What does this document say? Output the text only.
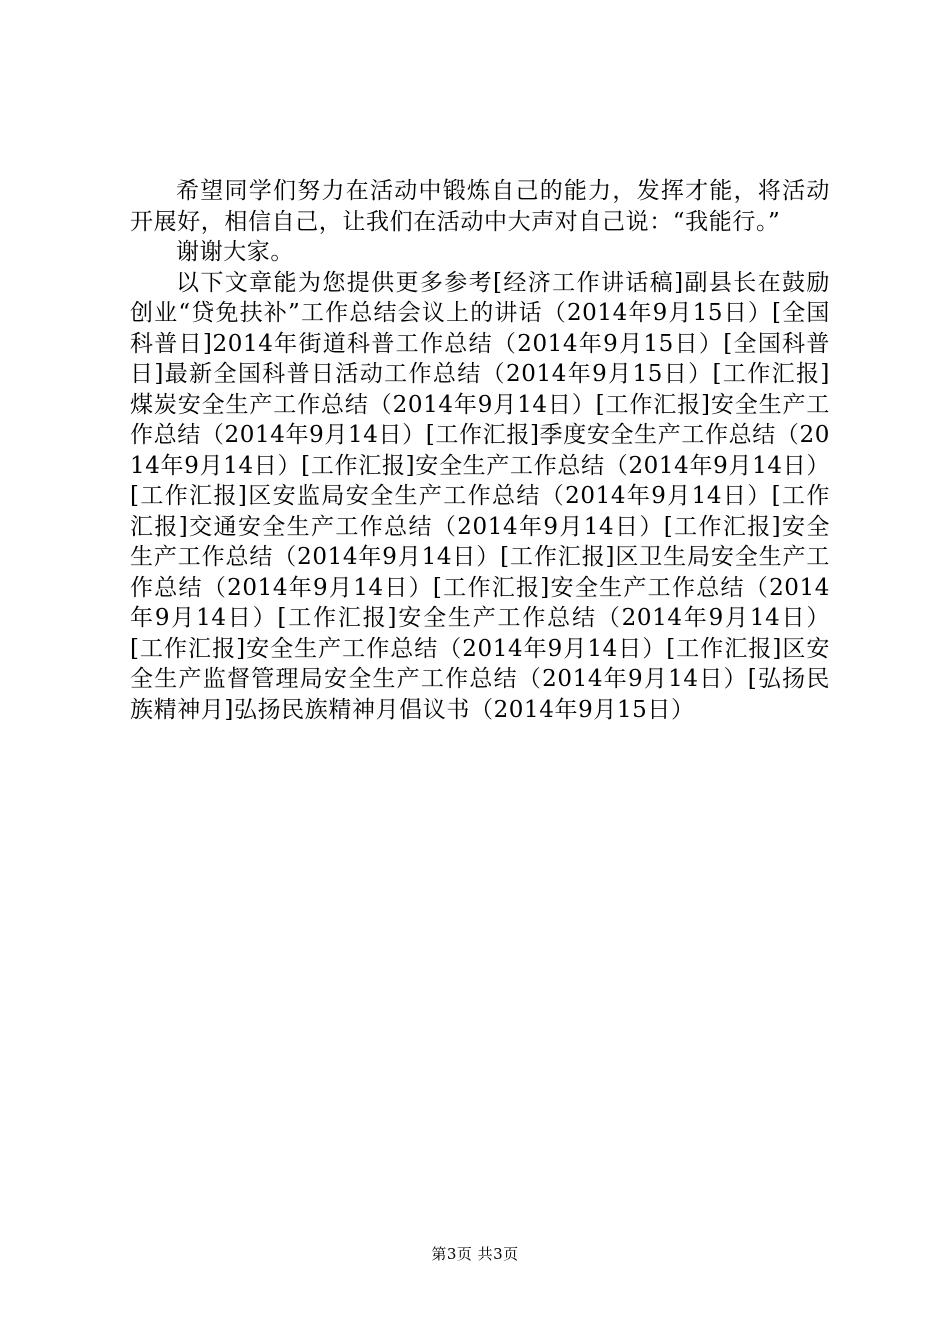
希望同学们努力在活动中锻炼自己的能力，发挥才能，将活动开展好，相信自己，让我们在活动中大声对自己说：“我能行。”

谢谢大家。

以下文章能为您提供更多参考[经济工作讲话稿]副县长在鼓励创业“贷免扶补”工作总结会议上的讲话（2014年9月15日）[全国科普日]2014年街道科普工作总结（2014年9月15日）[全国科普日]最新全国科普日活动工作总结（2014年9月15日）[工作汇报]煤炭安全生产工作总结（2014年9月14日）[工作汇报]安全生产工作总结（2014年9月14日）[工作汇报]季度安全生产工作总结（2014年9月14日）[工作汇报]安全生产工作总结（2014年9月14日）[工作汇报]区安监局安全生产工作总结（2014年9月14日）[工作汇报]交通安全生产工作总结（2014年9月14日）[工作汇报]安全生产工作总结（2014年9月14日）[工作汇报]区卫生局安全生产工作总结（2014年9月14日）[工作汇报]安全生产工作总结（2014年9月14日）[工作汇报]安全生产工作总结（2014年9月14日）[工作汇报]安全生产工作总结（2014年9月14日）[工作汇报]区安全生产监督管理局安全生产工作总结（2014年9月14日）[弘扬民族精神月]弘扬民族精神月倡议书（2014年9月15日）

第3页 共3页
